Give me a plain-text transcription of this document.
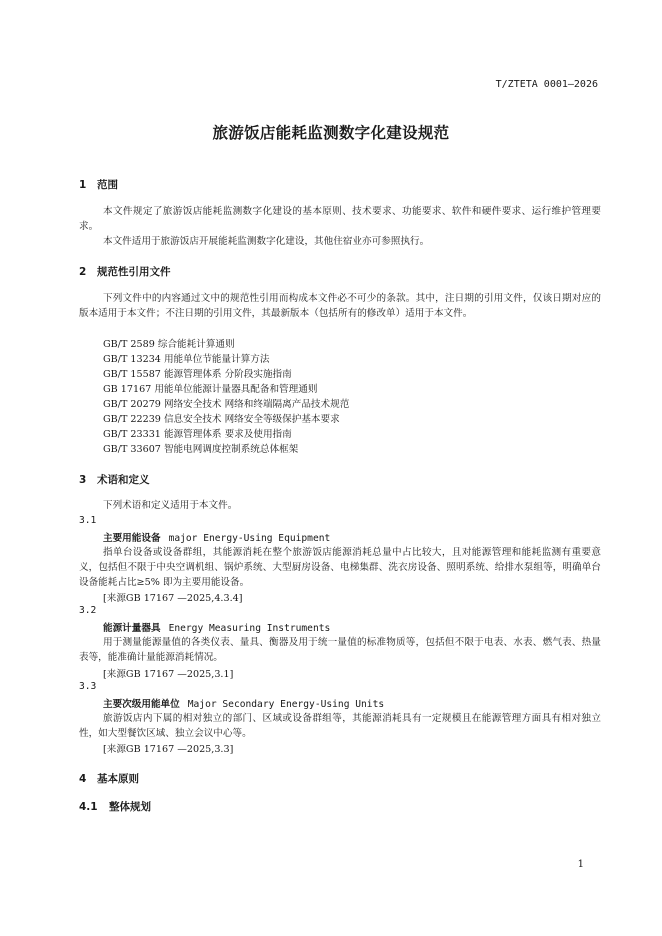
T/ZTETA 0001—2026
旅游饭店能耗监测数字化建设规范
1 范围
本文件规定了旅游饭店能耗监测数字化建设的基本原则、技术要求、功能要求、软件和硬件要求、运行维护管理要求。
本文件适用于旅游饭店开展能耗监测数字化建设，其他住宿业亦可参照执行。
2 规范性引用文件
下列文件中的内容通过文中的规范性引用而构成本文件必不可少的条款。其中，注日期的引用文件，仅该日期对应的版本适用于本文件；不注日期的引用文件，其最新版本（包括所有的修改单）适用于本文件。
GB/T 2589 综合能耗计算通则
GB/T 13234 用能单位节能量计算方法
GB/T 15587 能源管理体系 分阶段实施指南
GB 17167 用能单位能源计量器具配备和管理通则
GB/T 20279 网络安全技术 网络和终端隔离产品技术规范
GB/T 22239 信息安全技术 网络安全等级保护基本要求
GB/T 23331 能源管理体系 要求及使用指南
GB/T 33607 智能电网调度控制系统总体框架
3 术语和定义
下列术语和定义适用于本文件。
3.1
主要用能设备 major Energy-Using Equipment
指单台设备或设备群组，其能源消耗在整个旅游饭店能源消耗总量中占比较大，且对能源管理和能耗监测有重要意义，包括但不限于中央空调机组、锅炉系统、大型厨房设备、电梯集群、洗衣房设备、照明系统、给排水泵组等，明确单台设备能耗占比≥5% 即为主要用能设备。
[来源GB 17167 —2025,4.3.4]
3.2
能源计量器具 Energy Measuring Instruments
用于测量能源量值的各类仪表、量具、衡器及用于统一量值的标准物质等，包括但不限于电表、水表、燃气表、热量表等，能准确计量能源消耗情况。
[来源GB 17167 —2025,3.1]
3.3
主要次级用能单位 Major Secondary Energy-Using Units
旅游饭店内下属的相对独立的部门、区域或设备群组等，其能源消耗具有一定规模且在能源管理方面具有相对独立性，如大型餐饮区域、独立会议中心等。
[来源GB 17167 —2025,3.3]
4 基本原则
4.1 整体规划
1
